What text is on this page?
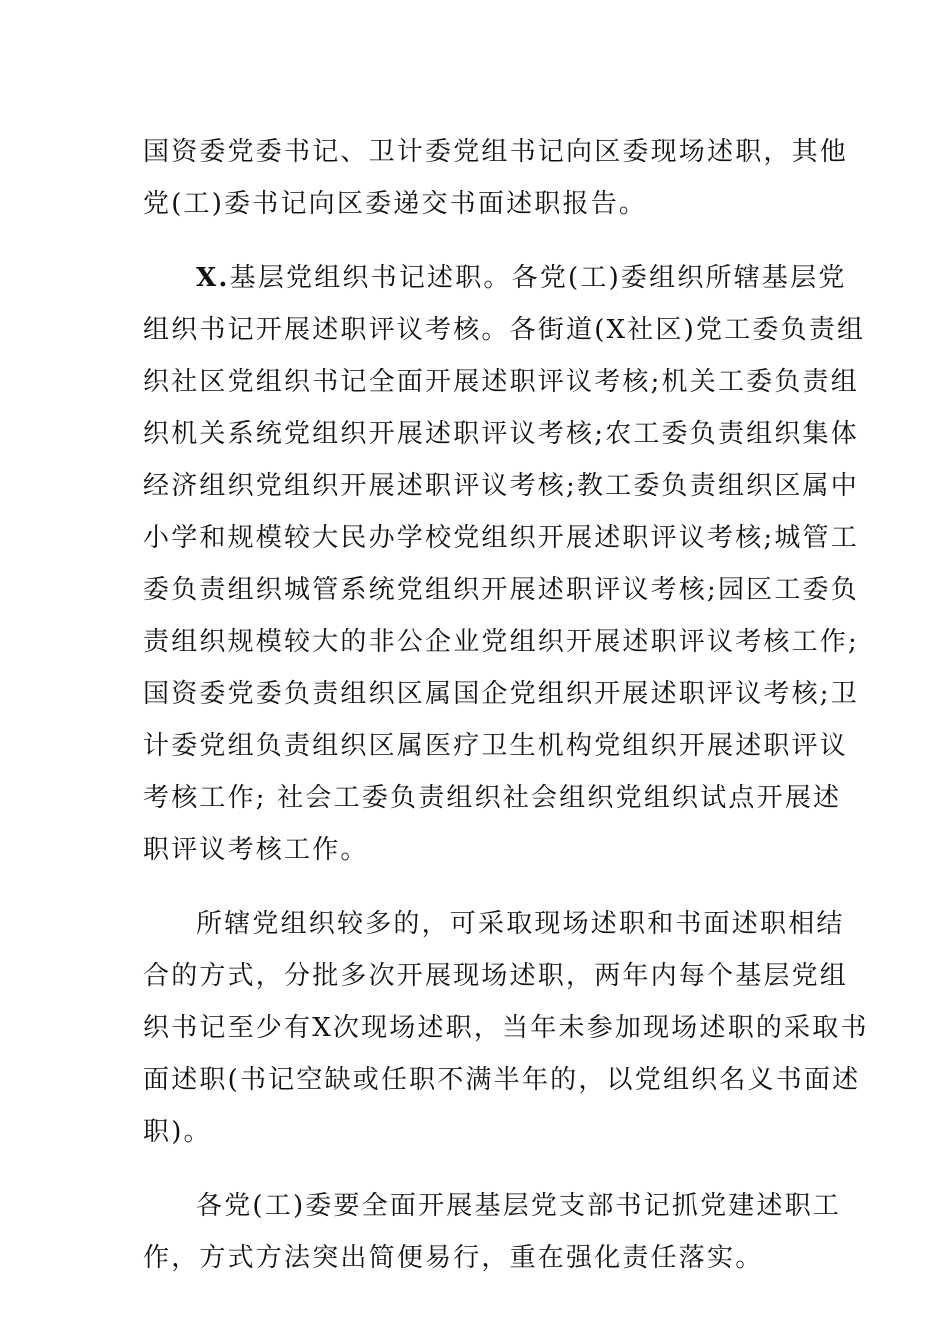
国资委党委书记、卫计委党组书记向区委现场述职，其他
党(工)委书记向区委递交书面述职报告。
X.基层党组织书记述职。各党(工)委组织所辖基层党
组织书记开展述职评议考核。各街道(X社区)党工委负责组
织社区党组织书记全面开展述职评议考核;机关工委负责组
织机关系统党组织开展述职评议考核;农工委负责组织集体
经济组织党组织开展述职评议考核;教工委负责组织区属中
小学和规模较大民办学校党组织开展述职评议考核;城管工
委负责组织城管系统党组织开展述职评议考核;园区工委负
责组织规模较大的非公企业党组织开展述职评议考核工作;
国资委党委负责组织区属国企党组织开展述职评议考核;卫
计委党组负责组织区属医疗卫生机构党组织开展述职评议
考核工作; 社会工委负责组织社会组织党组织试点开展述
职评议考核工作。
所辖党组织较多的，可采取现场述职和书面述职相结
合的方式，分批多次开展现场述职，两年内每个基层党组
织书记至少有X次现场述职，当年未参加现场述职的采取书
面述职(书记空缺或任职不满半年的，以党组织名义书面述
职)。
各党(工)委要全面开展基层党支部书记抓党建述职工
作，方式方法突出简便易行，重在强化责任落实。
